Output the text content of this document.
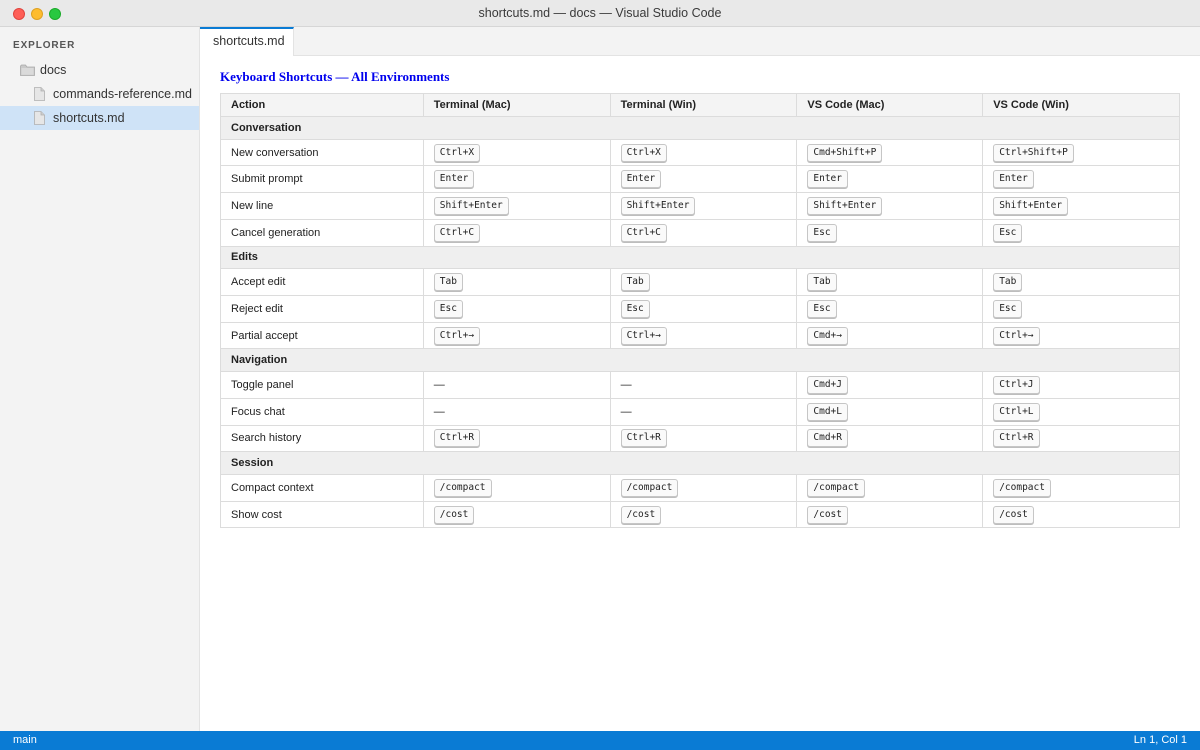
shortcuts.md — docs — Visual Studio Code
EXPLORER
docs
commands-reference.md
shortcuts.md
shortcuts.md
Keyboard Shortcuts — All Environments
Action	Terminal (Mac)	Terminal (Win)	VS Code (Mac)	VS Code (Win)
Conversation				
New conversation	Ctrl+X	Ctrl+X	Cmd+Shift+P	Ctrl+Shift+P
Submit prompt	Enter	Enter	Enter	Enter
New line	Shift+Enter	Shift+Enter	Shift+Enter	Shift+Enter
Cancel generation	Ctrl+C	Ctrl+C	Esc	Esc
Edits				
Accept edit	Tab	Tab	Tab	Tab
Reject edit	Esc	Esc	Esc	Esc
Partial accept	Ctrl+→	Ctrl+→	Cmd+→	Ctrl+→
Navigation				
Toggle panel	—	—	Cmd+J	Ctrl+J
Focus chat	—	—	Cmd+L	Ctrl+L
Search history	Ctrl+R	Ctrl+R	Cmd+R	Ctrl+R
Session				
Compact context	/compact	/compact	/compact	/compact
Show cost	/cost	/cost	/cost	/cost
main	Ln 1, Col 1
